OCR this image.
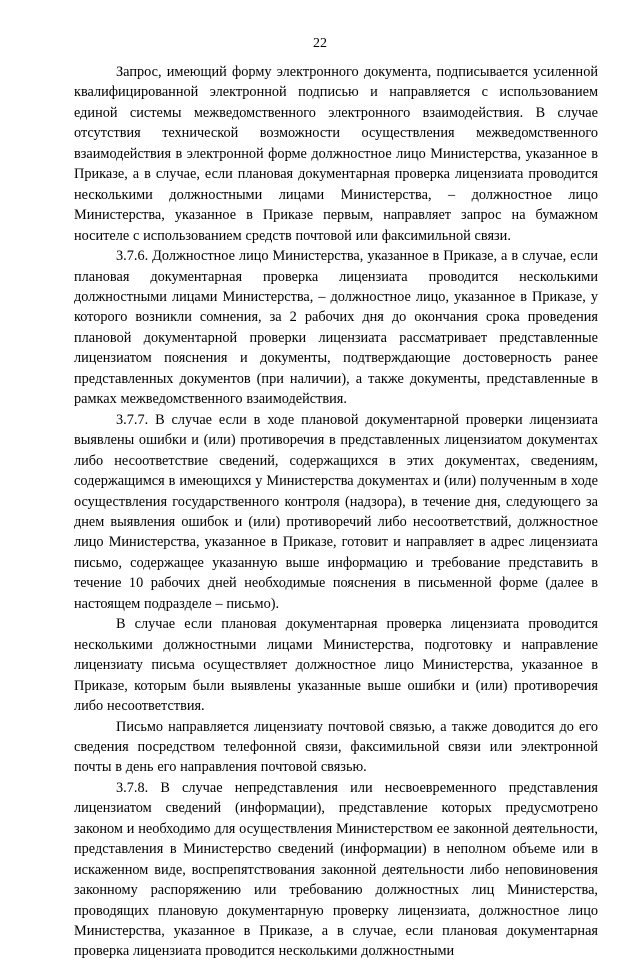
22

Запрос, имеющий форму электронного документа, подписывается усиленной квалифицированной электронной подписью и направляется с использованием единой системы межведомственного электронного взаимодействия. В случае отсутствия технической возможности осуществления межведомственного взаимодействия в электронной форме должностное лицо Министерства, указанное в Приказе, а в случае, если плановая документарная проверка лицензиата проводится несколькими должностными лицами Министерства, – должностное лицо Министерства, указанное в Приказе первым, направляет запрос на бумажном носителе с использованием средств почтовой или факсимильной связи.

3.7.6. Должностное лицо Министерства, указанное в Приказе, а в случае, если плановая документарная проверка лицензиата проводится несколькими должностными лицами Министерства, – должностное лицо, указанное в Приказе, у которого возникли сомнения, за 2 рабочих дня до окончания срока проведения плановой документарной проверки лицензиата рассматривает представленные лицензиатом пояснения и документы, подтверждающие достоверность ранее представленных документов (при наличии), а также документы, представленные в рамках межведомственного взаимодействия.

3.7.7. В случае если в ходе плановой документарной проверки лицензиата выявлены ошибки и (или) противоречия в представленных лицензиатом документах либо несоответствие сведений, содержащихся в этих документах, сведениям, содержащимся в имеющихся у Министерства документах и (или) полученным в ходе осуществления государственного контроля (надзора), в течение дня, следующего за днем выявления ошибок и (или) противоречий либо несоответствий, должностное лицо Министерства, указанное в Приказе, готовит и направляет в адрес лицензиата письмо, содержащее указанную выше информацию и требование представить в течение 10 рабочих дней необходимые пояснения в письменной форме (далее в настоящем подразделе – письмо).

В случае если плановая документарная проверка лицензиата проводится несколькими должностными лицами Министерства, подготовку и направление лицензиату письма осуществляет должностное лицо Министерства, указанное в Приказе, которым были выявлены указанные выше ошибки и (или) противоречия либо несоответствия.

Письмо направляется лицензиату почтовой связью, а также доводится до его сведения посредством телефонной связи, факсимильной связи или электронной почты в день его направления почтовой связью.

3.7.8. В случае непредставления или несвоевременного представления лицензиатом сведений (информации), представление которых предусмотрено законом и необходимо для осуществления Министерством ее законной деятельности, представления в Министерство сведений (информации) в неполном объеме или в искаженном виде, воспрепятствования законной деятельности либо неповиновения законному распоряжению или требованию должностных лиц Министерства, проводящих плановую документарную проверку лицензиата, должностное лицо Министерства, указанное в Приказе, а в случае, если плановая документарная проверка лицензиата проводится несколькими должностными
